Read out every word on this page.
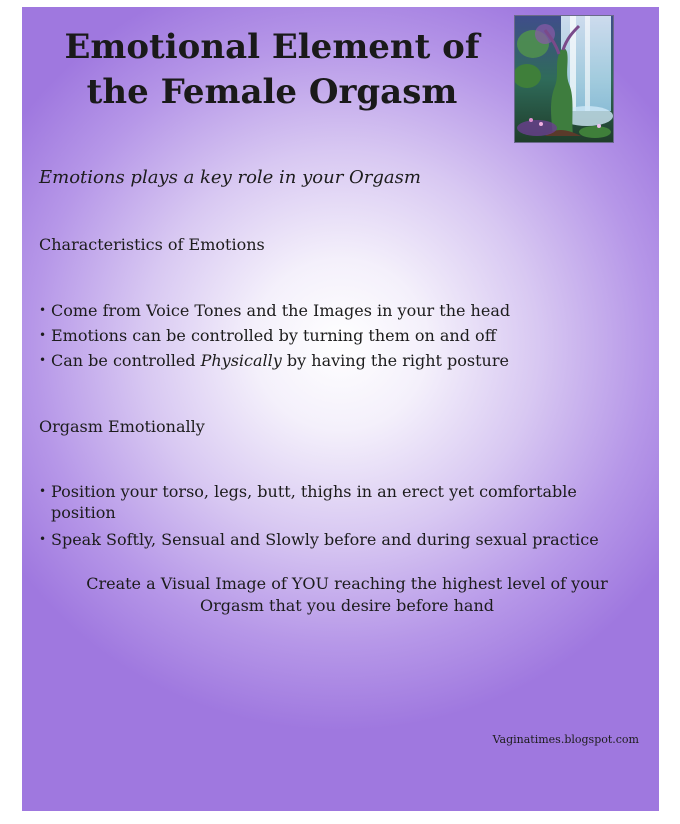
Emotional Element of
the Female Orgasm

Emotions plays a key role in your Orgasm

Characteristics of Emotions

• Come from Voice Tones and the Images in your the head
• Emotions can be controlled by turning them on and off
• Can be controlled Physically by having the right posture

Orgasm Emotionally

• Position your torso, legs, butt, thighs in an erect yet comfortable
position
• Speak Softly, Sensual and Slowly before and during sexual practice

Create a Visual Image of YOU reaching the highest level of your
Orgasm that you desire before hand

Vaginatimes.blogspot.com
